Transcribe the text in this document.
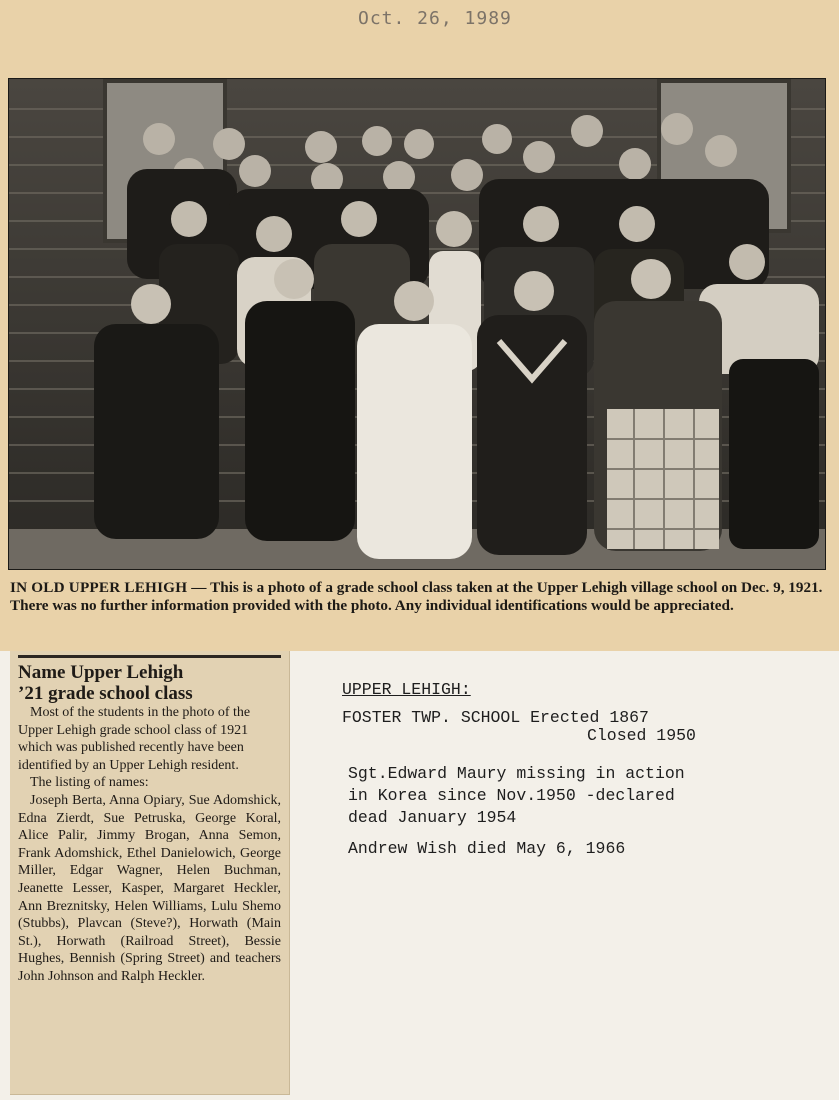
Oct. 26, 1989
IN OLD UPPER LEHIGH — This is a photo of a grade school class taken at the Upper Lehigh village school on Dec. 9, 1921. There was no further information provided with the photo. Any individual identifications would be appreciated.
Name Upper Lehigh
’21 grade school class

Most of the students in the photo of the Upper Lehigh grade school class of 1921 which was published recently have been identified by an Upper Lehigh resident.

The listing of names:

Joseph Berta, Anna Opiary, Sue Adomshick, Edna Zierdt, Sue Petruska, George Koral, Alice Palir, Jimmy Brogan, Anna Semon, Frank Adomshick, Ethel Danielowich, George Miller, Edgar Wagner, Helen Buchman, Jeanette Lesser, Kasper, Margaret Heckler, Ann Breznitsky, Helen Williams, Lulu Shemo (Stubbs), Plavcan (Steve?), Horwath (Main St.), Horwath (Railroad Street), Bessie Hughes, Bennish (Spring Street) and teachers John Johnson and Ralph Heckler.

UPPER LEHIGH:
FOSTER TWP. SCHOOL Erected 1867
Closed 1950
Sgt.Edward Maury missing in action
in Korea since Nov.1950 -declared
dead January 1954
Andrew Wish died May 6, 1966
